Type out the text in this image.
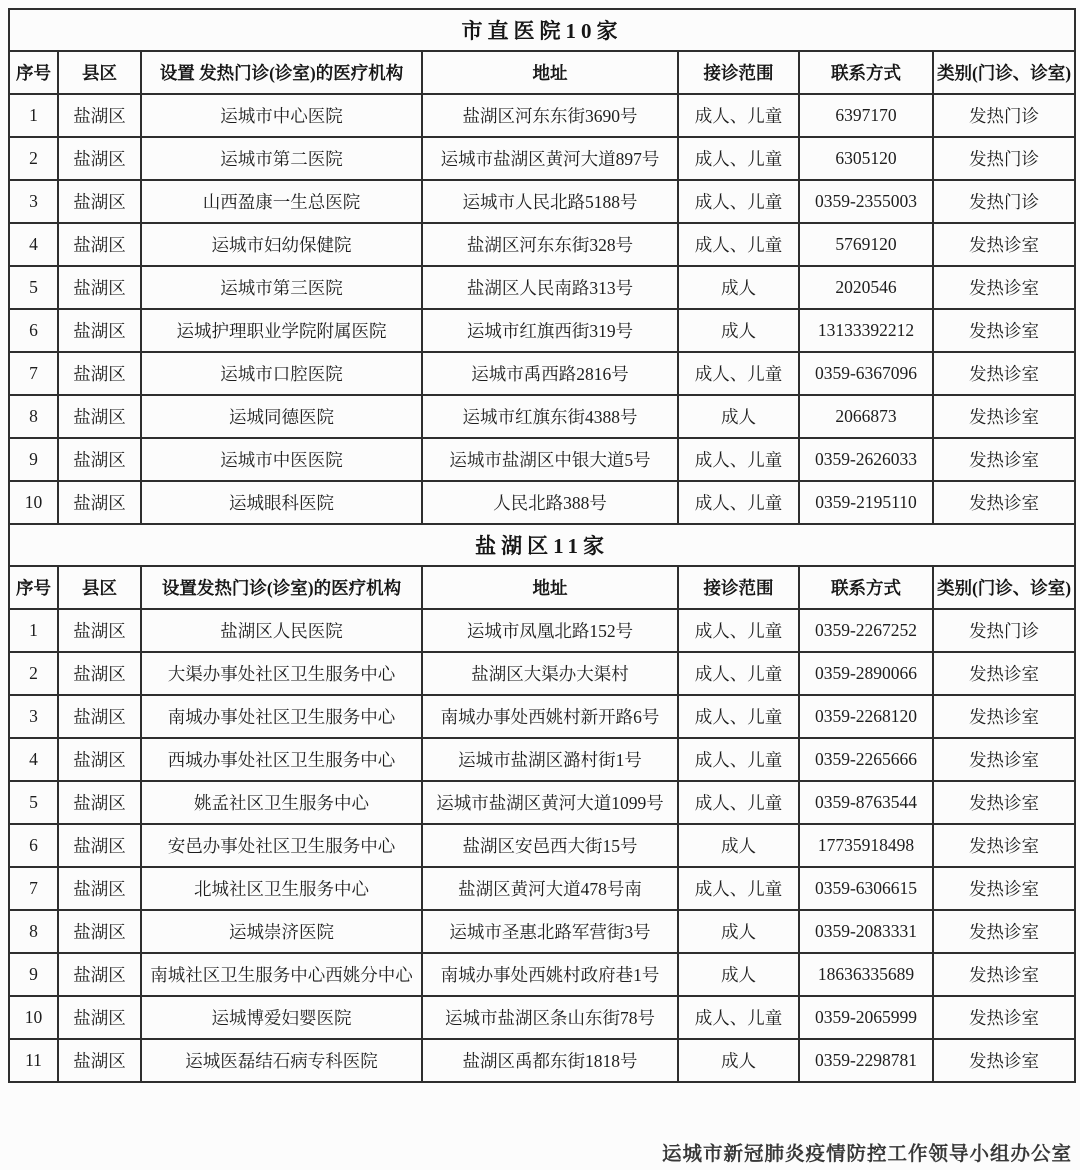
市直医院10家						
序号	县区	设置 发热门诊(诊室)的医疗机构	地址	接诊范围	联系方式	类别(门诊、诊室)
1	盐湖区	运城市中心医院	盐湖区河东东街3690号	成人、儿童	6397170	发热门诊
2	盐湖区	运城市第二医院	运城市盐湖区黄河大道897号	成人、儿童	6305120	发热门诊
3	盐湖区	山西盈康一生总医院	运城市人民北路5188号	成人、儿童	0359-2355003	发热门诊
4	盐湖区	运城市妇幼保健院	盐湖区河东东街328号	成人、儿童	5769120	发热诊室
5	盐湖区	运城市第三医院	盐湖区人民南路313号	成人	2020546	发热诊室
6	盐湖区	运城护理职业学院附属医院	运城市红旗西街319号	成人	13133392212	发热诊室
7	盐湖区	运城市口腔医院	运城市禹西路2816号	成人、儿童	0359-6367096	发热诊室
8	盐湖区	运城同德医院	运城市红旗东街4388号	成人	2066873	发热诊室
9	盐湖区	运城市中医医院	运城市盐湖区中银大道5号	成人、儿童	0359-2626033	发热诊室
10	盐湖区	运城眼科医院	人民北路388号	成人、儿童	0359-2195110	发热诊室
盐湖区11家						
序号	县区	设置发热门诊(诊室)的医疗机构	地址	接诊范围	联系方式	类别(门诊、诊室)
1	盐湖区	盐湖区人民医院	运城市凤凰北路152号	成人、儿童	0359-2267252	发热门诊
2	盐湖区	大渠办事处社区卫生服务中心	盐湖区大渠办大渠村	成人、儿童	0359-2890066	发热诊室
3	盐湖区	南城办事处社区卫生服务中心	南城办事处西姚村新开路6号	成人、儿童	0359-2268120	发热诊室
4	盐湖区	西城办事处社区卫生服务中心	运城市盐湖区潞村街1号	成人、儿童	0359-2265666	发热诊室
5	盐湖区	姚孟社区卫生服务中心	运城市盐湖区黄河大道1099号	成人、儿童	0359-8763544	发热诊室
6	盐湖区	安邑办事处社区卫生服务中心	盐湖区安邑西大街15号	成人	17735918498	发热诊室
7	盐湖区	北城社区卫生服务中心	盐湖区黄河大道478号南	成人、儿童	0359-6306615	发热诊室
8	盐湖区	运城崇济医院	运城市圣惠北路军营街3号	成人	0359-2083331	发热诊室
9	盐湖区	南城社区卫生服务中心西姚分中心	南城办事处西姚村政府巷1号	成人	18636335689	发热诊室
10	盐湖区	运城博爱妇婴医院	运城市盐湖区条山东街78号	成人、儿童	0359-2065999	发热诊室
11	盐湖区	运城医磊结石病专科医院	盐湖区禹都东街1818号	成人	0359-2298781	发热诊室
运城市新冠肺炎疫情防控工作领导小组办公室
